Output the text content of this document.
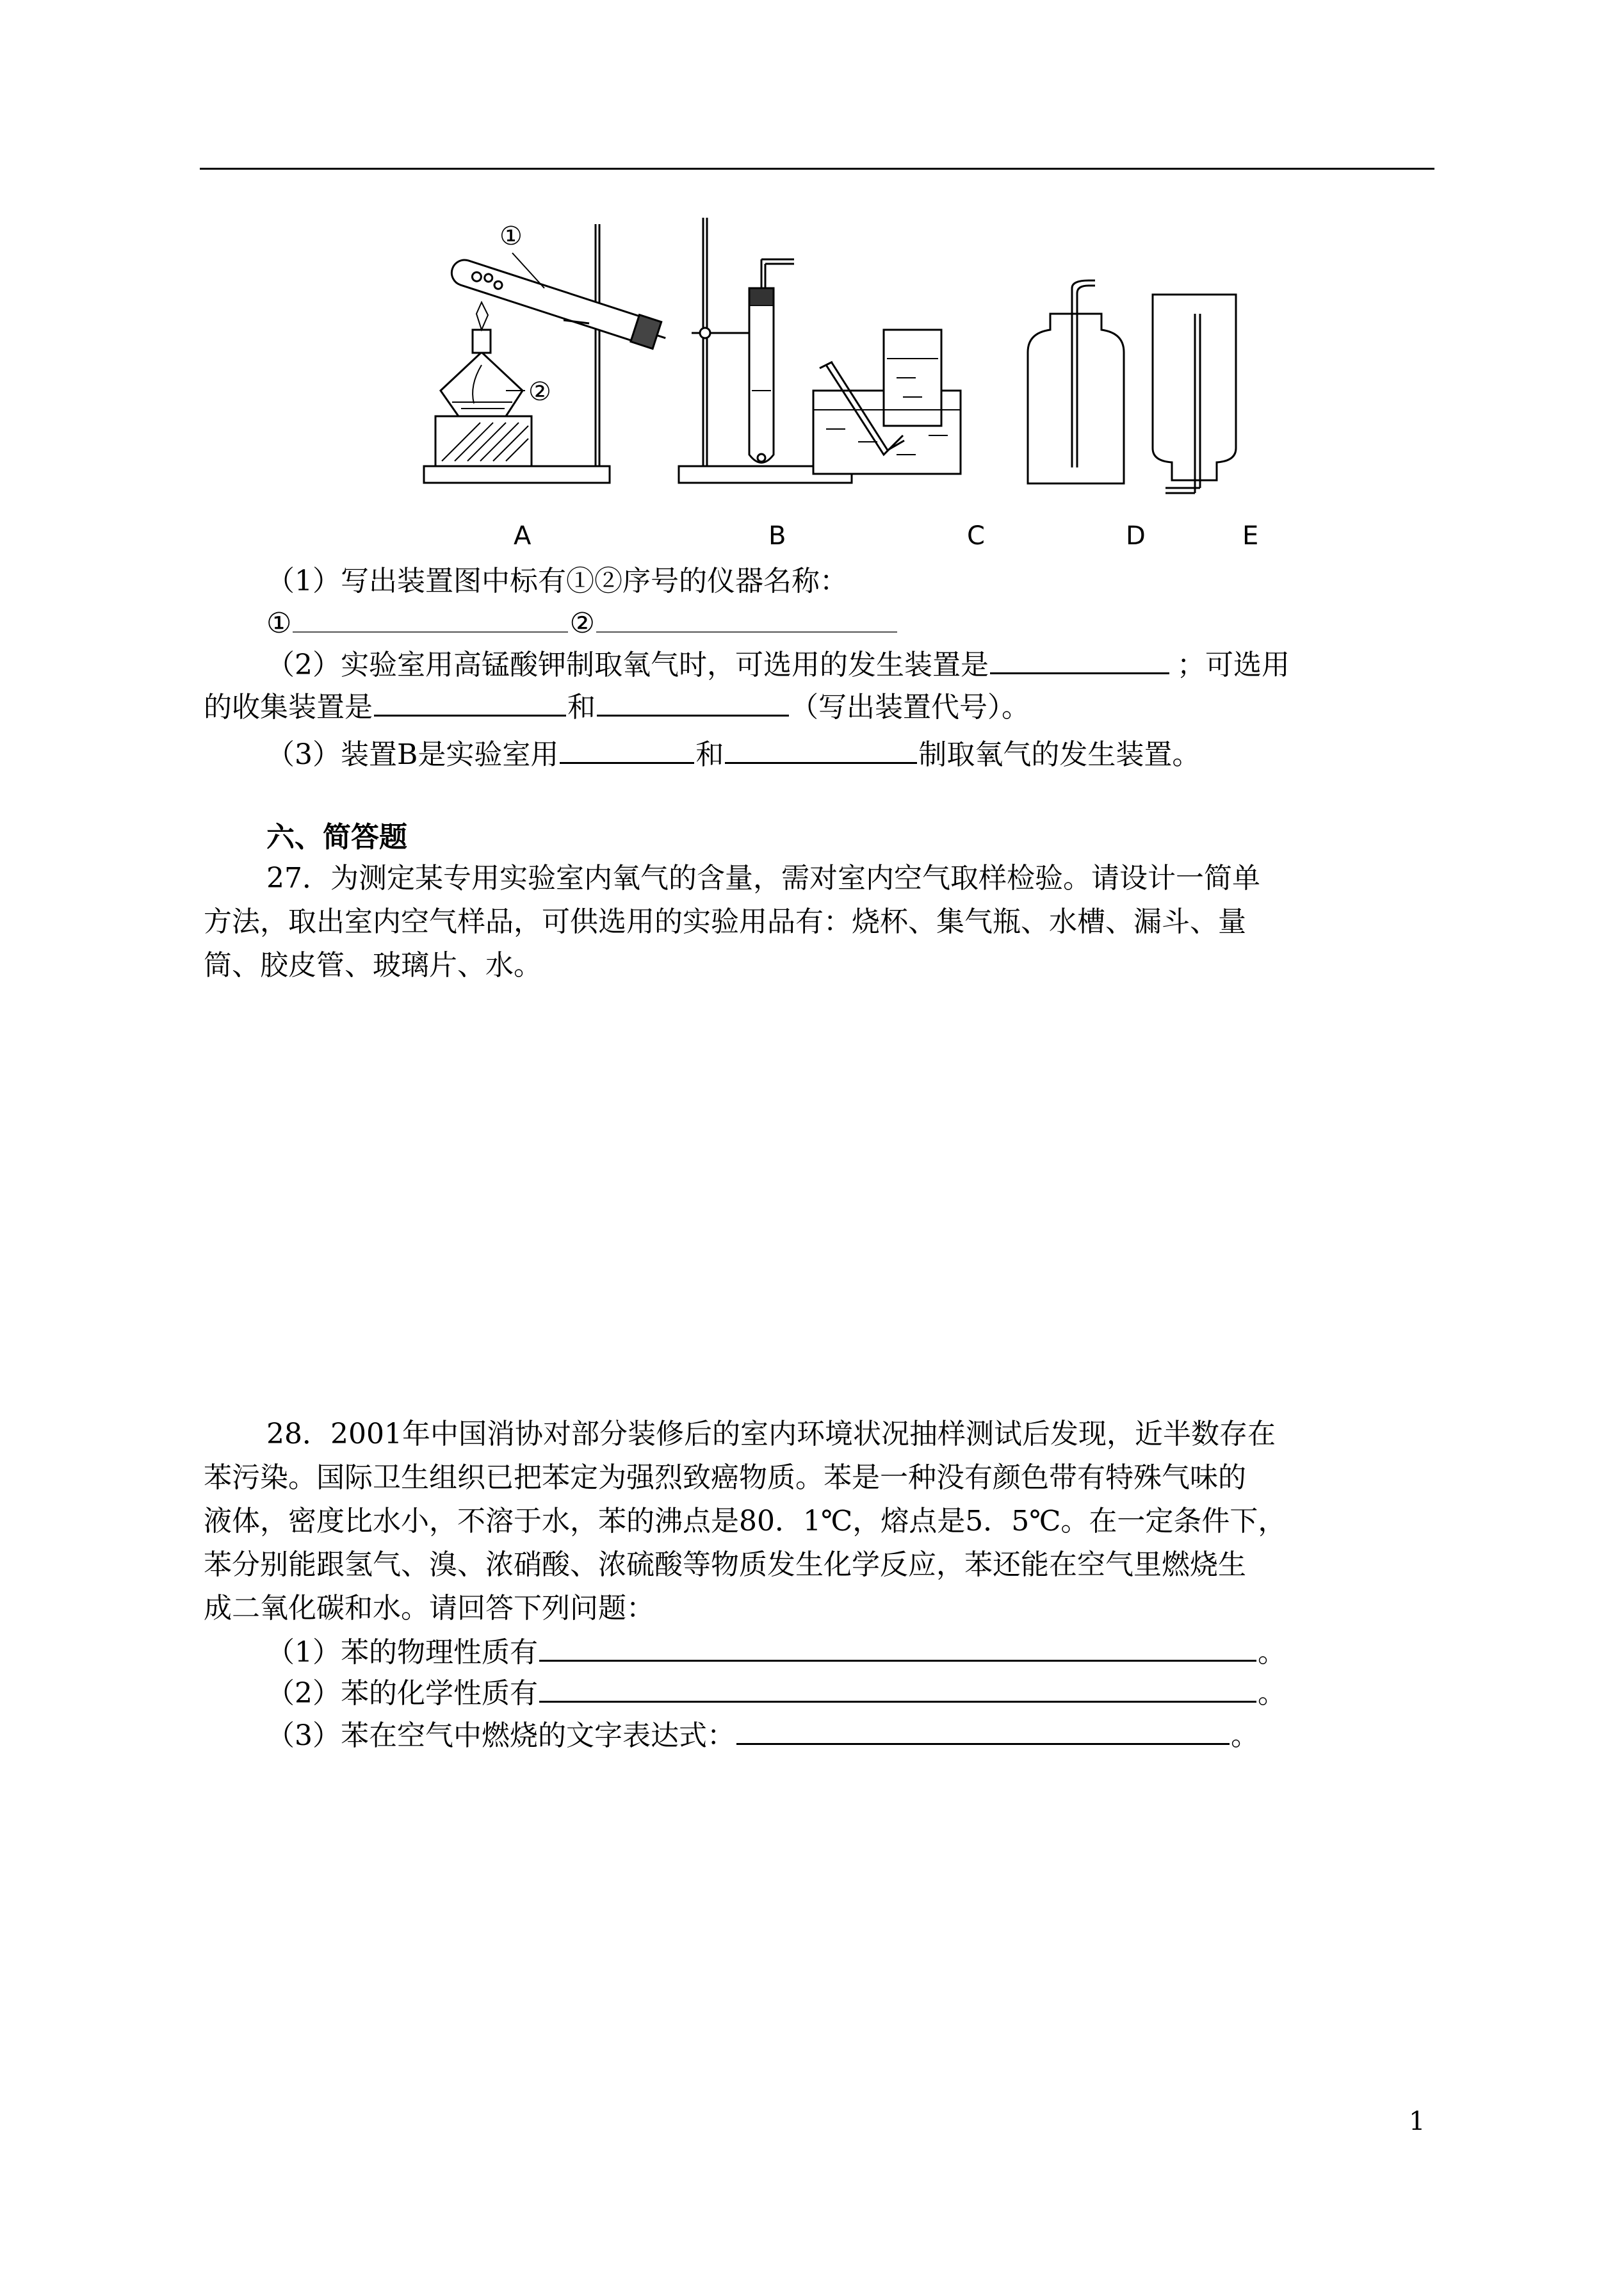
①
②
A	B	C	D	E
（1）写出装置图中标有①②序号的仪器名称：
①	②
（2）实验室用高锰酸钾制取氧气时，可选用的发生装置是	；可选用
的收集装置是	和	（写出装置代号）。
（3）装置B是实验室用	和	制取氧气的发生装置。
六、简答题
27．为测定某专用实验室内氧气的含量，需对室内空气取样检验。请设计一简单
方法，取出室内空气样品，可供选用的实验用品有：烧杯、集气瓶、水槽、漏斗、量
筒、胶皮管、玻璃片、水。
28．2001年中国消协对部分装修后的室内环境状况抽样测试后发现，近半数存在
苯污染。国际卫生组织已把苯定为强烈致癌物质。苯是一种没有颜色带有特殊气味的
液体，密度比水小，不溶于水，苯的沸点是80．1℃，熔点是5．5℃。在一定条件下，
苯分别能跟氢气、溴、浓硝酸、浓硫酸等物质发生化学反应，苯还能在空气里燃烧生
成二氧化碳和水。请回答下列问题：
（1）苯的物理性质有	。
（2）苯的化学性质有	。
（3）苯在空气中燃烧的文字表达式：	。
1
